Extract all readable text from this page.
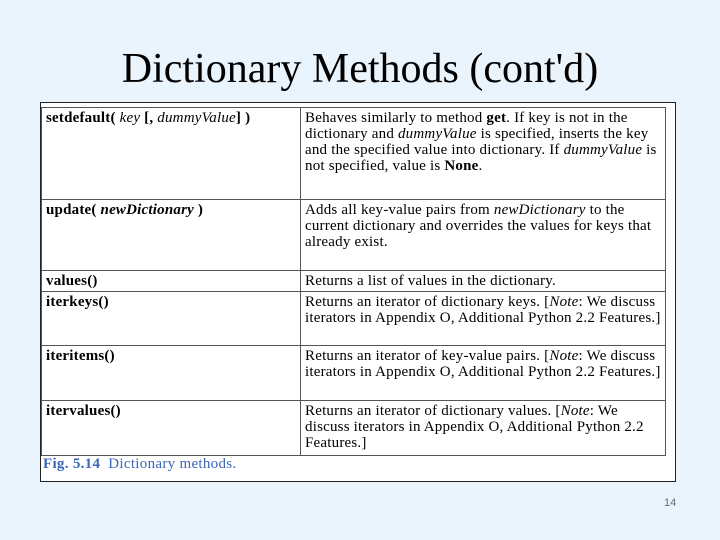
Dictionary Methods (cont'd)
setdefault( key [, dummyValue] )	Behaves similarly to method get. If key is not in the dictionary and dummyValue is specified, inserts the key and the specified value into dictionary. If dummyValue is not specified, value is None.
update( newDictionary )	Adds all key-value pairs from newDictionary to the current dictionary and overrides the values for keys that already exist.
values()	Returns a list of values in the dictionary.
iterkeys()	Returns an iterator of dictionary keys. [Note: We discuss iterators in Appendix O, Additional Python 2.2 Features.]
iteritems()	Returns an iterator of key-value pairs. [Note: We discuss iterators in Appendix O, Additional Python 2.2 Features.]
itervalues()	Returns an iterator of dictionary values. [Note: We discuss iterators in Appendix O, Additional Python 2.2 Features.]
Fig. 5.14 Dictionary methods.
14
